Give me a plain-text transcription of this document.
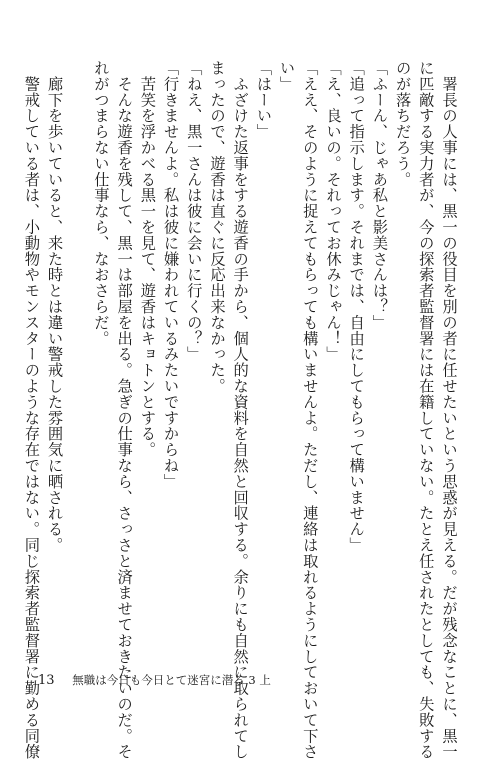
　署長の人事には、黒一の役目を別の者に任せたいという思惑が見える。だが残念なことに、黒一
に匹敵する実力者が、今の探索者監督署には在籍していない。たとえ任されたとしても、失敗する
のが落ちだろう。
「ふーん、じゃあ私と影美さんは？」
「追って指示します。それまでは、自由にしてもらって構いません」
「え、良いの。それってお休みじゃん！」
「ええ、そのように捉えてもらっても構いませんよ。ただし、連絡は取れるようにしておいて下さ
い」
「はーい」
　ふざけた返事をする遊香の手から、個人的な資料を自然と回収する。余りにも自然に取られてし
まったので、遊香は直ぐに反応出来なかった。
「ねえ、黒一さんは彼に会いに行くの？」
「行きませんよ。私は彼に嫌われているみたいですからね」
　苦笑を浮かべる黒一を見て、遊香はキョトンとする。
　そんな遊香を残して、黒一は部屋を出る。急ぎの仕事なら、さっさと済ませておきたいのだ。そ
れがつまらない仕事なら、なおさらだ。
　廊下を歩いていると、来た時とは違い警戒した雰囲気に晒される。
　警戒している者は、小動物やモンスターのような存在ではない。同じ探索者監督署に勤める同僚
13 無職は今日も今日とて迷宮に潜る 3 上
